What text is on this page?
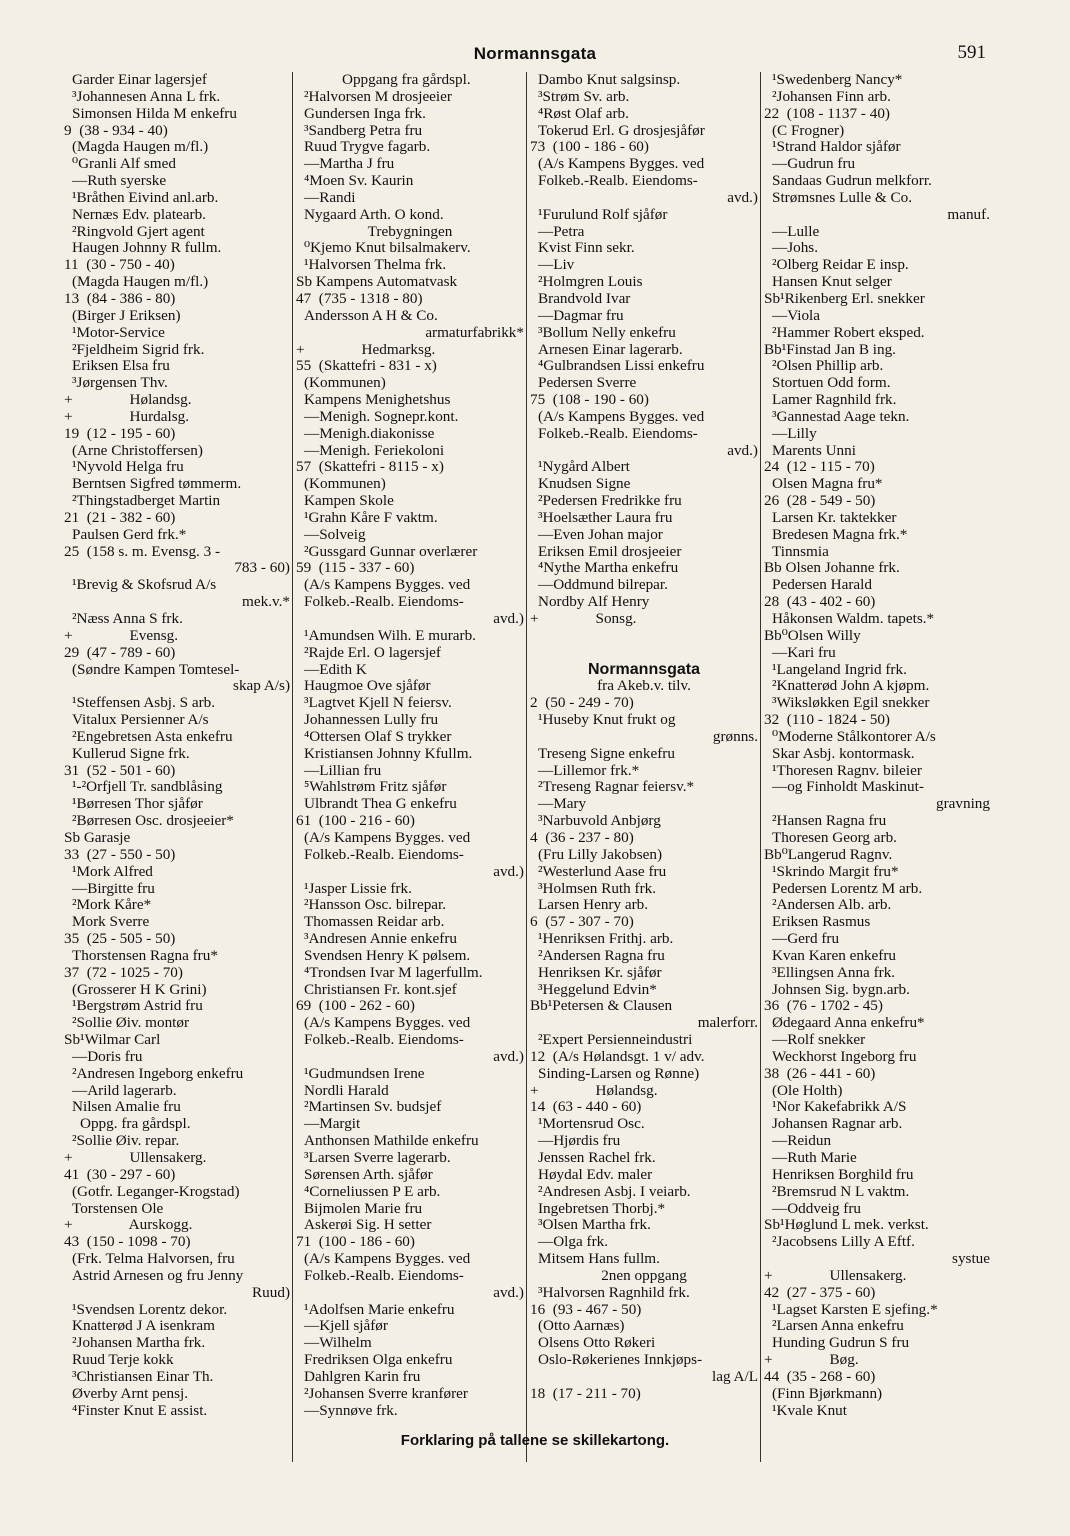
Normannsgata	591
Garder Einar lagersjef
³Johannesen Anna L frk.
Simonsen Hilda M enkefru
9  (38 - 934 - 40)
(Magda Haugen m/fl.)
⁰Granli Alf smed
—Ruth syerske
¹Bråthen Eivind anl.arb.
Nernæs Edv. platearb.
²Ringvold Gjert agent
Haugen Johnny R fullm.
11  (30 - 750 - 40)
(Magda Haugen m/fl.)
13  (84 - 386 - 80)
(Birger J Eriksen)
¹Motor-Service
²Fjeldheim Sigrid frk.
Eriksen Elsa fru
³Jørgensen Thv.
+               Hølandsg.
+               Hurdalsg.
19  (12 - 195 - 60)
(Arne Christoffersen)
¹Nyvold Helga fru
Berntsen Sigfred tømmerm.
²Thingstadberget Martin
21  (21 - 382 - 60)
Paulsen Gerd frk.*
25  (158 s. m. Evensg. 3 -
783 - 60)
¹Brevig & Skofsrud A/s
mek.v.*
²Næss Anna S frk.
+               Evensg.
29  (47 - 789 - 60)
(Søndre Kampen Tomtesel-
skap A/s)
¹Steffensen Asbj. S arb.
Vitalux Persienner A/s
²Engebretsen Asta enkefru
Kullerud Signe frk.
31  (52 - 501 - 60)
¹-²Orfjell Tr. sandblåsing
¹Børresen Thor sjåfør
²Børresen Osc. drosjeeier*
Sb Garasje
33  (27 - 550 - 50)
¹Mork Alfred
—Birgitte fru
²Mork Kåre*
Mork Sverre
35  (25 - 505 - 50)
Thorstensen Ragna fru*
37  (72 - 1025 - 70)
(Grosserer H K Grini)
¹Bergstrøm Astrid fru
²Sollie Øiv. montør
Sb¹Wilmar Carl
—Doris fru
²Andresen Ingeborg enkefru
—Arild lagerarb.
Nilsen Amalie fru
Oppg. fra gårdspl.
²Sollie Øiv. repar.
+               Ullensakerg.
41  (30 - 297 - 60)
(Gotfr. Leganger-Krogstad)
Torstensen Ole
+               Aurskogg.
43  (150 - 1098 - 70)
(Frk. Telma Halvorsen, fru
Astrid Arnesen og fru Jenny
Ruud)
¹Svendsen Lorentz dekor.
Knatterød J A isenkram
²Johansen Martha frk.
Ruud Terje kokk
³Christiansen Einar Th.
Øverby Arnt pensj.
⁴Finster Knut E assist.
Oppgang fra gårdspl.
²Halvorsen M drosjeeier
Gundersen Inga frk.
³Sandberg Petra fru
Ruud Trygve fagarb.
—Martha J fru
⁴Moen Sv. Kaurin
—Randi
Nygaard Arth. O kond.
Trebygningen
⁰Kjemo Knut bilsalmakerv.
¹Halvorsen Thelma frk.
Sb Kampens Automatvask
47  (735 - 1318 - 80)
Andersson A H & Co.
armaturfabrikk*
+               Hedmarksg.
55  (Skattefri - 831 - x)
(Kommunen)
Kampens Menighetshus
—Menigh. Sognepr.kont.
—Menigh.diakonisse
—Menigh. Feriekoloni
57  (Skattefri - 8115 - x)
(Kommunen)
Kampen Skole
¹Grahn Kåre F vaktm.
—Solveig
²Gussgard Gunnar overlærer
59  (115 - 337 - 60)
(A/s Kampens Bygges. ved
Folkeb.-Realb. Eiendoms-
avd.)
¹Amundsen Wilh. E murarb.
²Rajde Erl. O lagersjef
—Edith K
Haugmoe Ove sjåfør
³Lagtvet Kjell N feiersv.
Johannessen Lully fru
⁴Ottersen Olaf S trykker
Kristiansen Johnny Kfullm.
—Lillian fru
⁵Wahlstrøm Fritz sjåfør
Ulbrandt Thea G enkefru
61  (100 - 216 - 60)
(A/s Kampens Bygges. ved
Folkeb.-Realb. Eiendoms-
avd.)
¹Jasper Lissie frk.
²Hansson Osc. bilrepar.
Thomassen Reidar arb.
³Andresen Annie enkefru
Svendsen Henry K pølsem.
⁴Trondsen Ivar M lagerfullm.
Christiansen Fr. kont.sjef
69  (100 - 262 - 60)
(A/s Kampens Bygges. ved
Folkeb.-Realb. Eiendoms-
avd.)
¹Gudmundsen Irene
Nordli Harald
²Martinsen Sv. budsjef
—Margit
Anthonsen Mathilde enkefru
³Larsen Sverre lagerarb.
Sørensen Arth. sjåfør
⁴Corneliussen P E arb.
Bijmolen Marie fru
Askerøi Sig. H setter
71  (100 - 186 - 60)
(A/s Kampens Bygges. ved
Folkeb.-Realb. Eiendoms-
avd.)
¹Adolfsen Marie enkefru
—Kjell sjåfør
—Wilhelm
Fredriksen Olga enkefru
Dahlgren Karin fru
²Johansen Sverre kranfører
—Synnøve frk.
Dambo Knut salgsinsp.
³Strøm Sv. arb.
⁴Røst Olaf arb.
Tokerud Erl. G drosjesjåfør
73  (100 - 186 - 60)
(A/s Kampens Bygges. ved
Folkeb.-Realb. Eiendoms-
avd.)
¹Furulund Rolf sjåfør
—Petra
Kvist Finn sekr.
—Liv
²Holmgren Louis
Brandvold Ivar
—Dagmar fru
³Bollum Nelly enkefru
Arnesen Einar lagerarb.
⁴Gulbrandsen Lissi enkefru
Pedersen Sverre
75  (108 - 190 - 60)
(A/s Kampens Bygges. ved
Folkeb.-Realb. Eiendoms-
avd.)
¹Nygård Albert
Knudsen Signe
²Pedersen Fredrikke fru
³Hoelsæther Laura fru
—Even Johan major
Eriksen Emil drosjeeier
⁴Nythe Martha enkefru
—Oddmund bilrepar.
Nordby Alf Henry
+               Sonsg.
Normannsgata
fra Akeb.v. tilv.
2  (50 - 249 - 70)
¹Huseby Knut frukt og
grønns.
Treseng Signe enkefru
—Lillemor frk.*
²Treseng Ragnar feiersv.*
—Mary
³Narbuvold Anbjørg
4  (36 - 237 - 80)
(Fru Lilly Jakobsen)
²Westerlund Aase fru
³Holmsen Ruth frk.
Larsen Henry arb.
6  (57 - 307 - 70)
¹Henriksen Frithj. arb.
²Andersen Ragna fru
Henriksen Kr. sjåfør
³Heggelund Edvin*
Bb¹Petersen & Clausen
malerforr.
²Expert Persienneindustri
12  (A/s Hølandsgt. 1 v/ adv.
Sinding-Larsen og Rønne)
+               Hølandsg.
14  (63 - 440 - 60)
¹Mortensrud Osc.
—Hjørdis fru
Jenssen Rachel frk.
Høydal Edv. maler
²Andresen Asbj. I veiarb.
Ingebretsen Thorbj.*
³Olsen Martha frk.
—Olga frk.
Mitsem Hans fullm.
2nen oppgang
³Halvorsen Ragnhild frk.
16  (93 - 467 - 50)
(Otto Aarnæs)
Olsens Otto Røkeri
Oslo-Røkerienes Innkjøps-
lag A/L
18  (17 - 211 - 70)
¹Swedenberg Nancy*
²Johansen Finn arb.
22  (108 - 1137 - 40)
(C Frogner)
¹Strand Haldor sjåfør
—Gudrun fru
Sandaas Gudrun melkforr.
Strømsnes Lulle & Co.
manuf.
—Lulle
—Johs.
²Olberg Reidar E insp.
Hansen Knut selger
Sb¹Rikenberg Erl. snekker
—Viola
²Hammer Robert eksped.
Bb¹Finstad Jan B ing.
²Olsen Phillip arb.
Stortuen Odd form.
Lamer Ragnhild frk.
³Gannestad Aage tekn.
—Lilly
Marents Unni
24  (12 - 115 - 70)
Olsen Magna fru*
26  (28 - 549 - 50)
Larsen Kr. taktekker
Bredesen Magna frk.*
Tinnsmia
Bb Olsen Johanne frk.
Pedersen Harald
28  (43 - 402 - 60)
Håkonsen Waldm. tapets.*
Bb⁰Olsen Willy
—Kari fru
¹Langeland Ingrid frk.
²Knatterød John A kjøpm.
³Wiksløkken Egil snekker
32  (110 - 1824 - 50)
⁰Moderne Stålkontorer A/s
Skar Asbj. kontormask.
¹Thoresen Ragnv. bileier
—og Finholdt Maskinut-
gravning
²Hansen Ragna fru
Thoresen Georg arb.
Bb⁰Langerud Ragnv.
¹Skrindo Margit fru*
Pedersen Lorentz M arb.
²Andersen Alb. arb.
Eriksen Rasmus
—Gerd fru
Kvan Karen enkefru
³Ellingsen Anna frk.
Johnsen Sig. bygn.arb.
36  (76 - 1702 - 45)
Ødegaard Anna enkefru*
—Rolf snekker
Weckhorst Ingeborg fru
38  (26 - 441 - 60)
(Ole Holth)
¹Nor Kakefabrikk A/S
Johansen Ragnar arb.
—Reidun
—Ruth Marie
Henriksen Borghild fru
²Bremsrud N L vaktm.
—Oddveig fru
Sb¹Høglund L mek. verkst.
²Jacobsens Lilly A Eftf.
systue
+               Ullensakerg.
42  (27 - 375 - 60)
¹Lagset Karsten E sjefing.*
²Larsen Anna enkefru
Hunding Gudrun S fru
+               Bøg.
44  (35 - 268 - 60)
(Finn Bjørkmann)
¹Kvale Knut
Forklaring på tallene se skillekartong.
